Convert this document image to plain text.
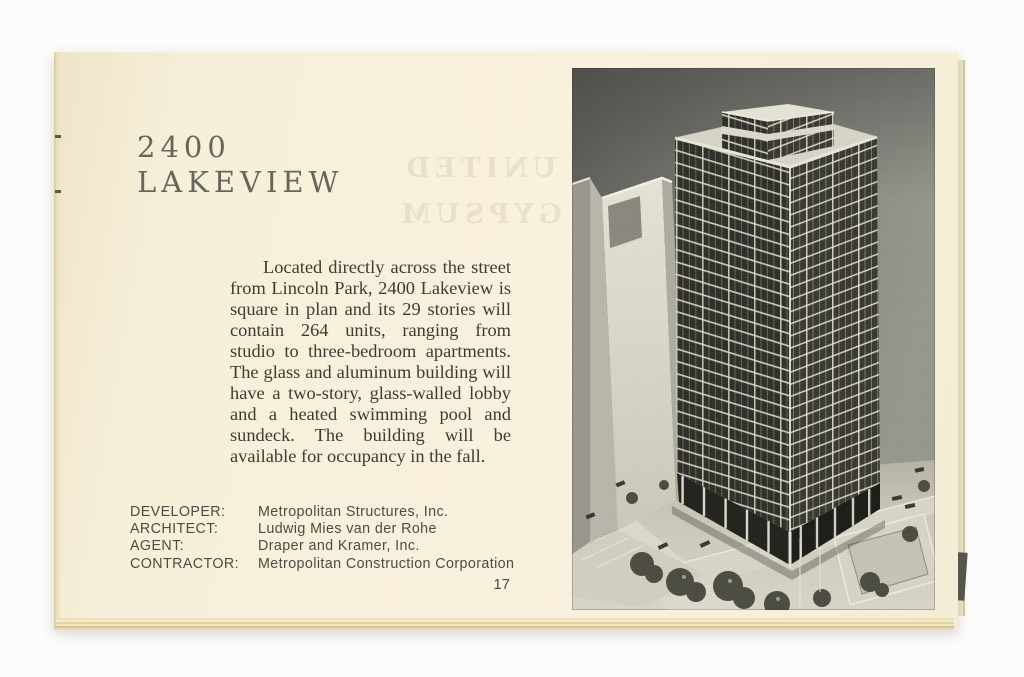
UNITED
GYPSUM
2400
LAKEVIEW

Located directly across the street from Lincoln Park, 2400 Lakeview is square in plan and its 29 stories will contain 264 units, ranging from studio to three-bedroom apartments. The glass and aluminum building will have a two-story, glass-walled lobby and a heated swimming pool and sundeck. The building will be available for occupancy in the fall.

DEVELOPER:	Metropolitan Structures, Inc.
ARCHITECT:	Ludwig Mies van der Rohe
AGENT:	Draper and Kramer, Inc.
CONTRACTOR:	Metropolitan Construction Corporation
17
